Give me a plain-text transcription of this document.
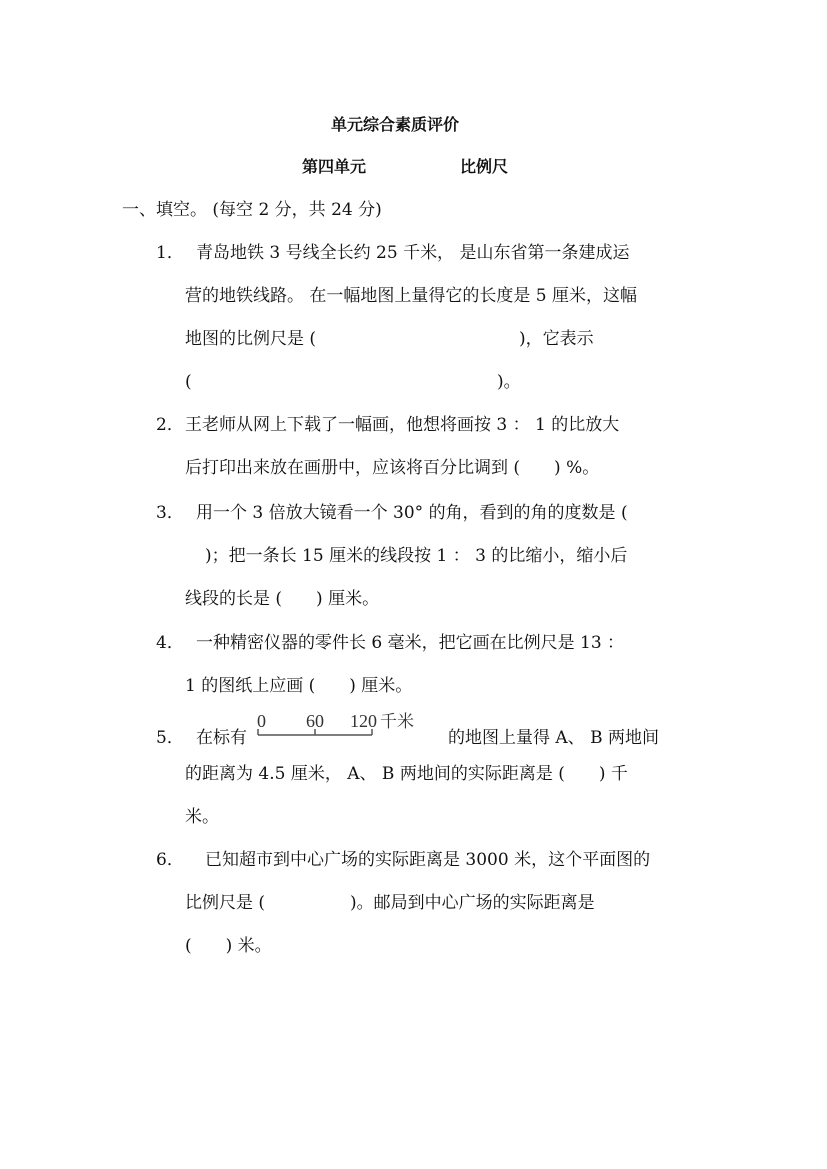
单元综合素质评价
第四单元	比例尺
一、填空。 (每空 2 分，共 24 分)
1． 青岛地铁 3 号线全长约 25 千米， 是山东省第一条建成运
营的地铁线路。 在一幅地图上量得它的长度是 5 厘米，这幅
地图的比例尺是 (	)，它表示
(	)。
2． 王老师从网上下载了一幅画，他想将画按 3 ： 1 的比放大
后打印出来放在画册中，应该将百分比调到 (　　) %。
3． 用一个 3 倍放大镜看一个 30° 的角，看到的角的度数是 (
)；把一条长 15 厘米的线段按 1 ： 3 的比缩小，缩小后
线段的长是 (　　) 厘米。
4． 一种精密仪器的零件长 6 毫米，把它画在比例尺是 13 ：
1 的图纸上应画 (　　) 厘米。
5． 在标有
0 60 120 千米
的地图上量得 A、 B 两地间
的距离为 4.5 厘米， A、 B 两地间的实际距离是 (　　) 千
米。
6． 已知超市到中心广场的实际距离是 3000 米，这个平面图的
比例尺是 (　　　　　)。邮局到中心广场的实际距离是
(　　) 米。
